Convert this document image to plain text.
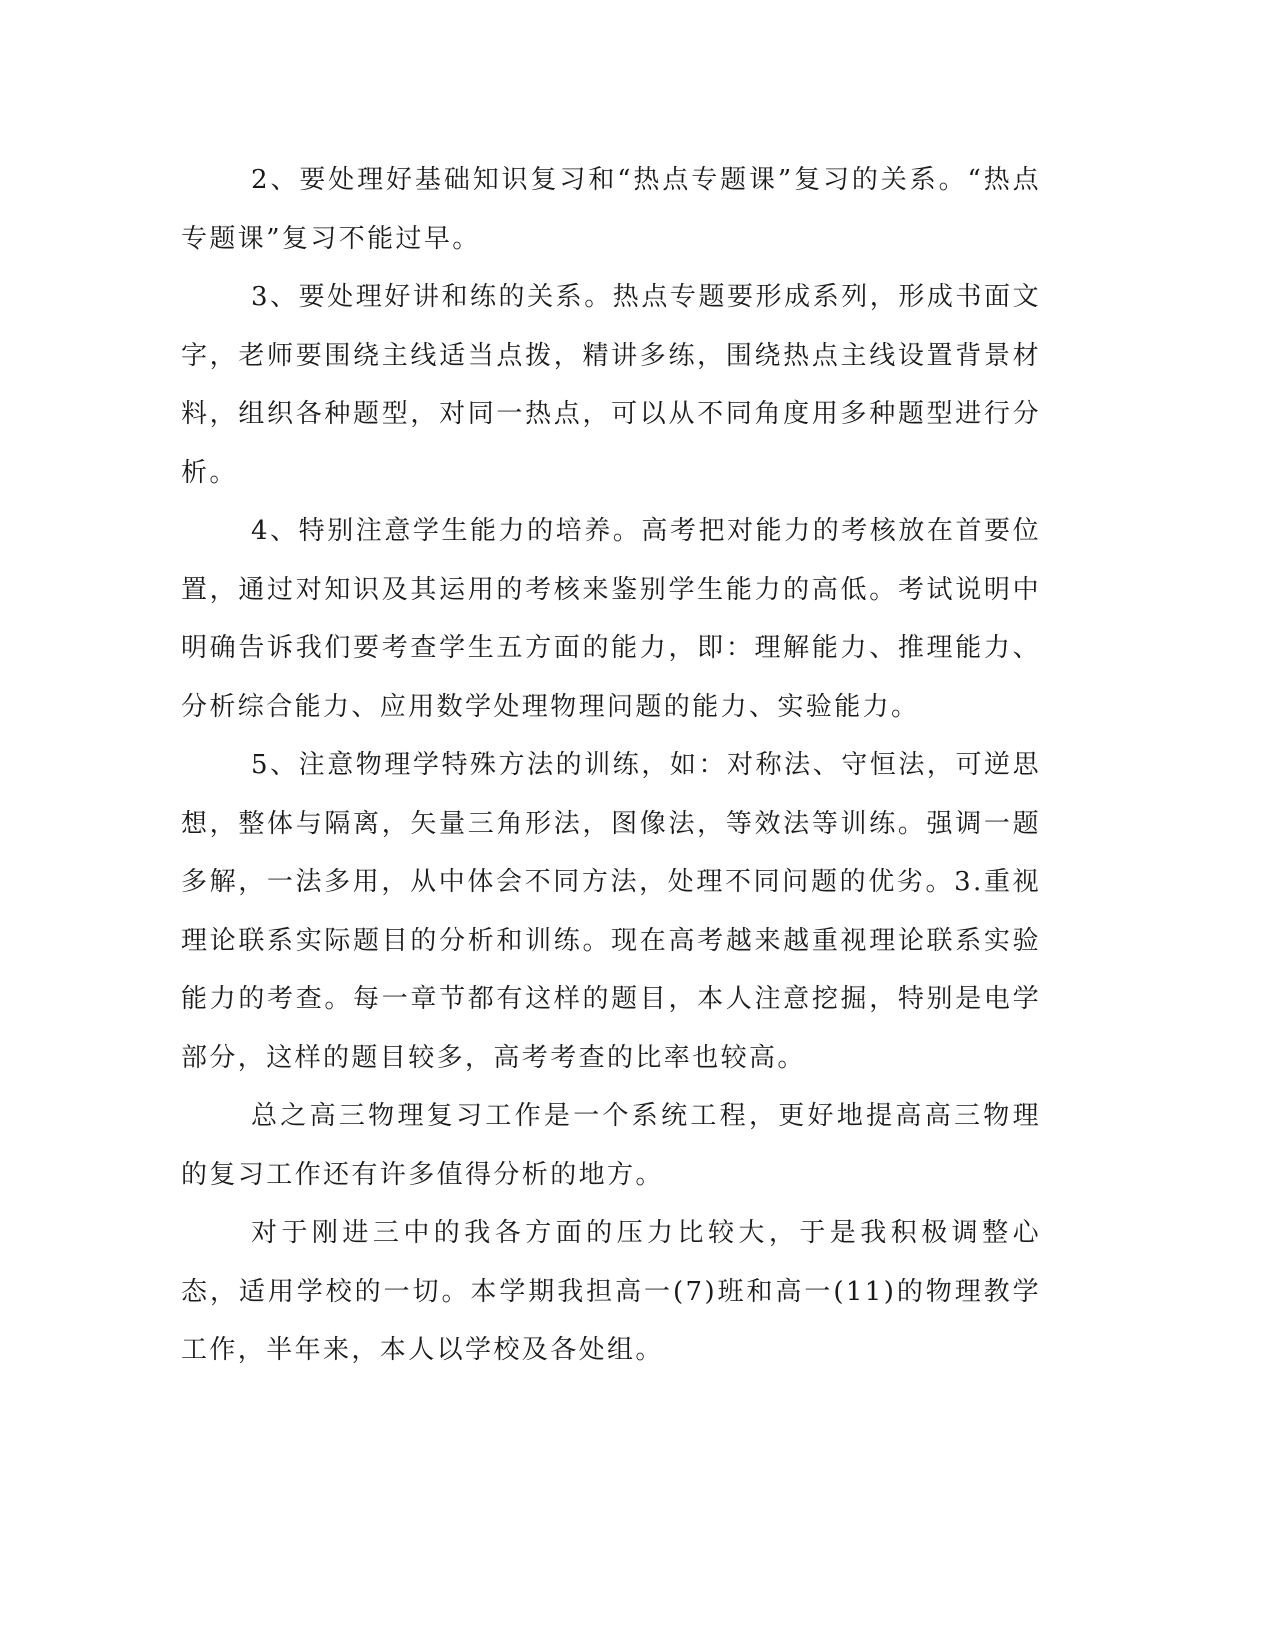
2、要处理好基础知识复习和“热点专题课”复习的关系。“热点专题课”复习不能过早。

3、要处理好讲和练的关系。热点专题要形成系列，形成书面文字，老师要围绕主线适当点拨，精讲多练，围绕热点主线设置背景材料，组织各种题型，对同一热点，可以从不同角度用多种题型进行分析。

4、特别注意学生能力的培养。高考把对能力的考核放在首要位置，通过对知识及其运用的考核来鉴别学生能力的高低。考试说明中明确告诉我们要考查学生五方面的能力，即：理解能力、推理能力、分析综合能力、应用数学处理物理问题的能力、实验能力。

5、注意物理学特殊方法的训练，如：对称法、守恒法，可逆思想，整体与隔离，矢量三角形法，图像法，等效法等训练。强调一题多解，一法多用，从中体会不同方法，处理不同问题的优劣。3.重视理论联系实际题目的分析和训练。现在高考越来越重视理论联系实验能力的考查。每一章节都有这样的题目，本人注意挖掘，特别是电学部分，这样的题目较多，高考考查的比率也较高。

总之高三物理复习工作是一个系统工程，更好地提高高三物理的复习工作还有许多值得分析的地方。

对于刚进三中的我各方面的压力比较大，于是我积极调整心态，适用学校的一切。本学期我担高一(7)班和高一(11)的物理教学工作，半年来，本人以学校及各处组。
